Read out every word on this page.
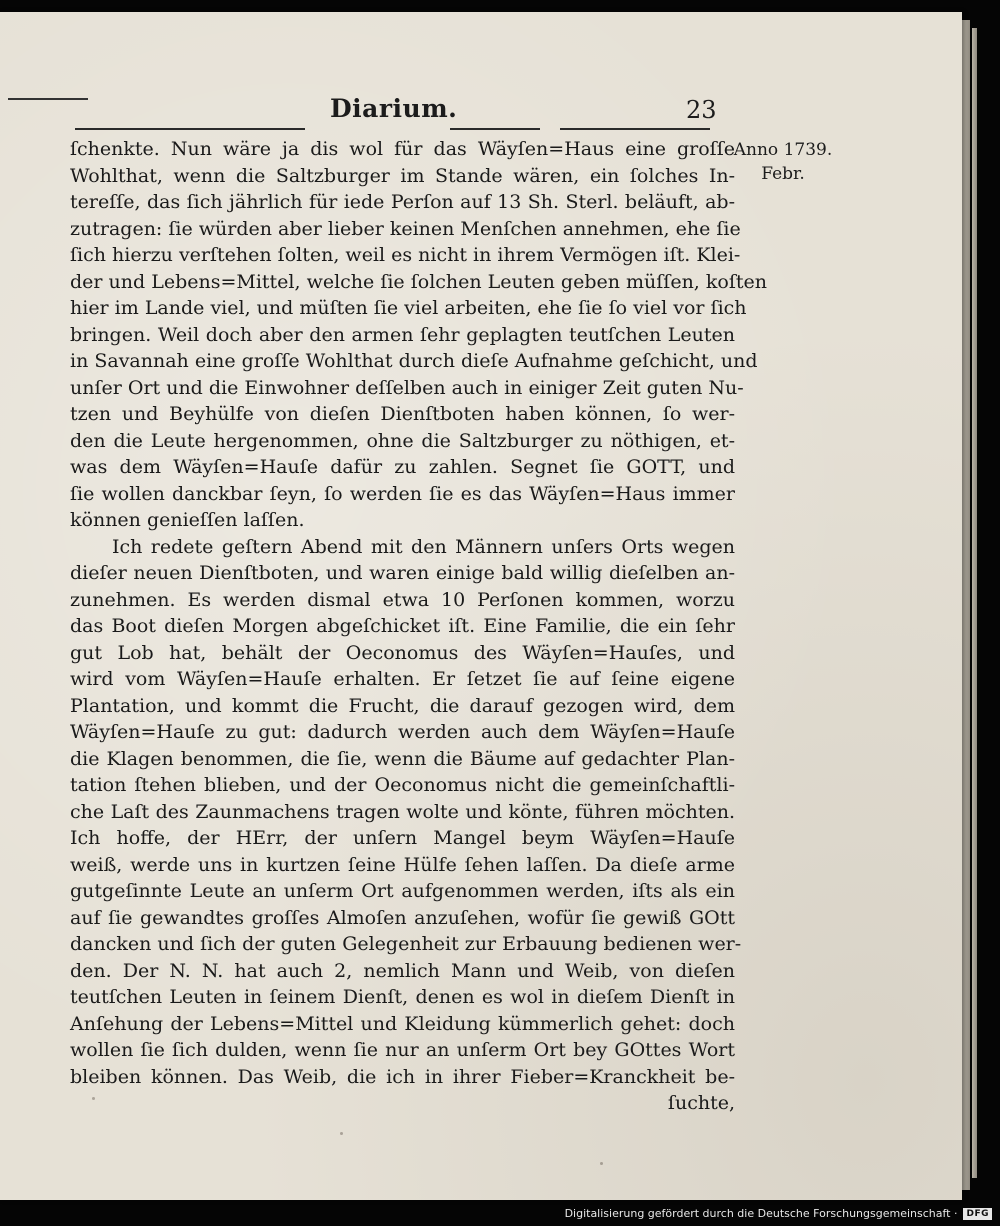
Diarium.	23
Anno 1739.
Febr.
ſchenkte. Nun wäre ja dis wol für das Wäyſen=Haus eine groſſe
Wohlthat, wenn die Saltzburger im Stande wären, ein ſolches In-
tereſſe, das ſich jährlich für iede Perſon auf 13 Sh. Sterl. beläuft, ab-
zutragen: ſie würden aber lieber keinen Menſchen annehmen, ehe ſie
ſich hierzu verſtehen ſolten, weil es nicht in ihrem Vermögen iſt. Klei-
der und Lebens=Mittel, welche ſie ſolchen Leuten geben müſſen, koſten
hier im Lande viel, und müſten ſie viel arbeiten, ehe ſie ſo viel vor ſich
bringen. Weil doch aber den armen ſehr geplagten teutſchen Leuten
in Savannah eine groſſe Wohlthat durch dieſe Aufnahme geſchicht, und
unſer Ort und die Einwohner deſſelben auch in einiger Zeit guten Nu-
tzen und Beyhülfe von dieſen Dienſtboten haben können, ſo wer-
den die Leute hergenommen, ohne die Saltzburger zu nöthigen, et-
was dem Wäyſen=Hauſe dafür zu zahlen. Segnet ſie GOTT, und
ſie wollen danckbar ſeyn, ſo werden ſie es das Wäyſen=Haus immer
können genieſſen laſſen.
Ich redete geſtern Abend mit den Männern unſers Orts wegen
dieſer neuen Dienſtboten, und waren einige bald willig dieſelben an-
zunehmen. Es werden dismal etwa 10 Perſonen kommen, worzu
das Boot dieſen Morgen abgeſchicket iſt. Eine Familie, die ein ſehr
gut Lob hat, behält der Oeconomus des Wäyſen=Hauſes, und
wird vom Wäyſen=Hauſe erhalten. Er ſetzet ſie auf ſeine eigene
Plantation, und kommt die Frucht, die darauf gezogen wird, dem
Wäyſen=Hauſe zu gut: dadurch werden auch dem Wäyſen=Hauſe
die Klagen benommen, die ſie, wenn die Bäume auf gedachter Plan-
tation ſtehen blieben, und der Oeconomus nicht die gemeinſchaftli-
che Laſt des Zaunmachens tragen wolte und könte, führen möchten.
Ich hoffe, der HErr, der unſern Mangel beym Wäyſen=Hauſe
weiß, werde uns in kurtzen ſeine Hülfe ſehen laſſen. Da dieſe arme
gutgeſinnte Leute an unſerm Ort aufgenommen werden, iſts als ein
auf ſie gewandtes groſſes Almoſen anzuſehen, wofür ſie gewiß GOtt
dancken und ſich der guten Gelegenheit zur Erbauung bedienen wer-
den. Der N. N. hat auch 2, nemlich Mann und Weib, von dieſen
teutſchen Leuten in ſeinem Dienſt, denen es wol in dieſem Dienſt in
Anſehung der Lebens=Mittel und Kleidung kümmerlich gehet: doch
wollen ſie ſich dulden, wenn ſie nur an unſerm Ort bey GOttes Wort
bleiben können. Das Weib, die ich in ihrer Fieber=Kranckheit be-
ſuchte,
Digitalisierung gefördert durch die Deutsche Forschungsgemeinschaft ·	DFG
